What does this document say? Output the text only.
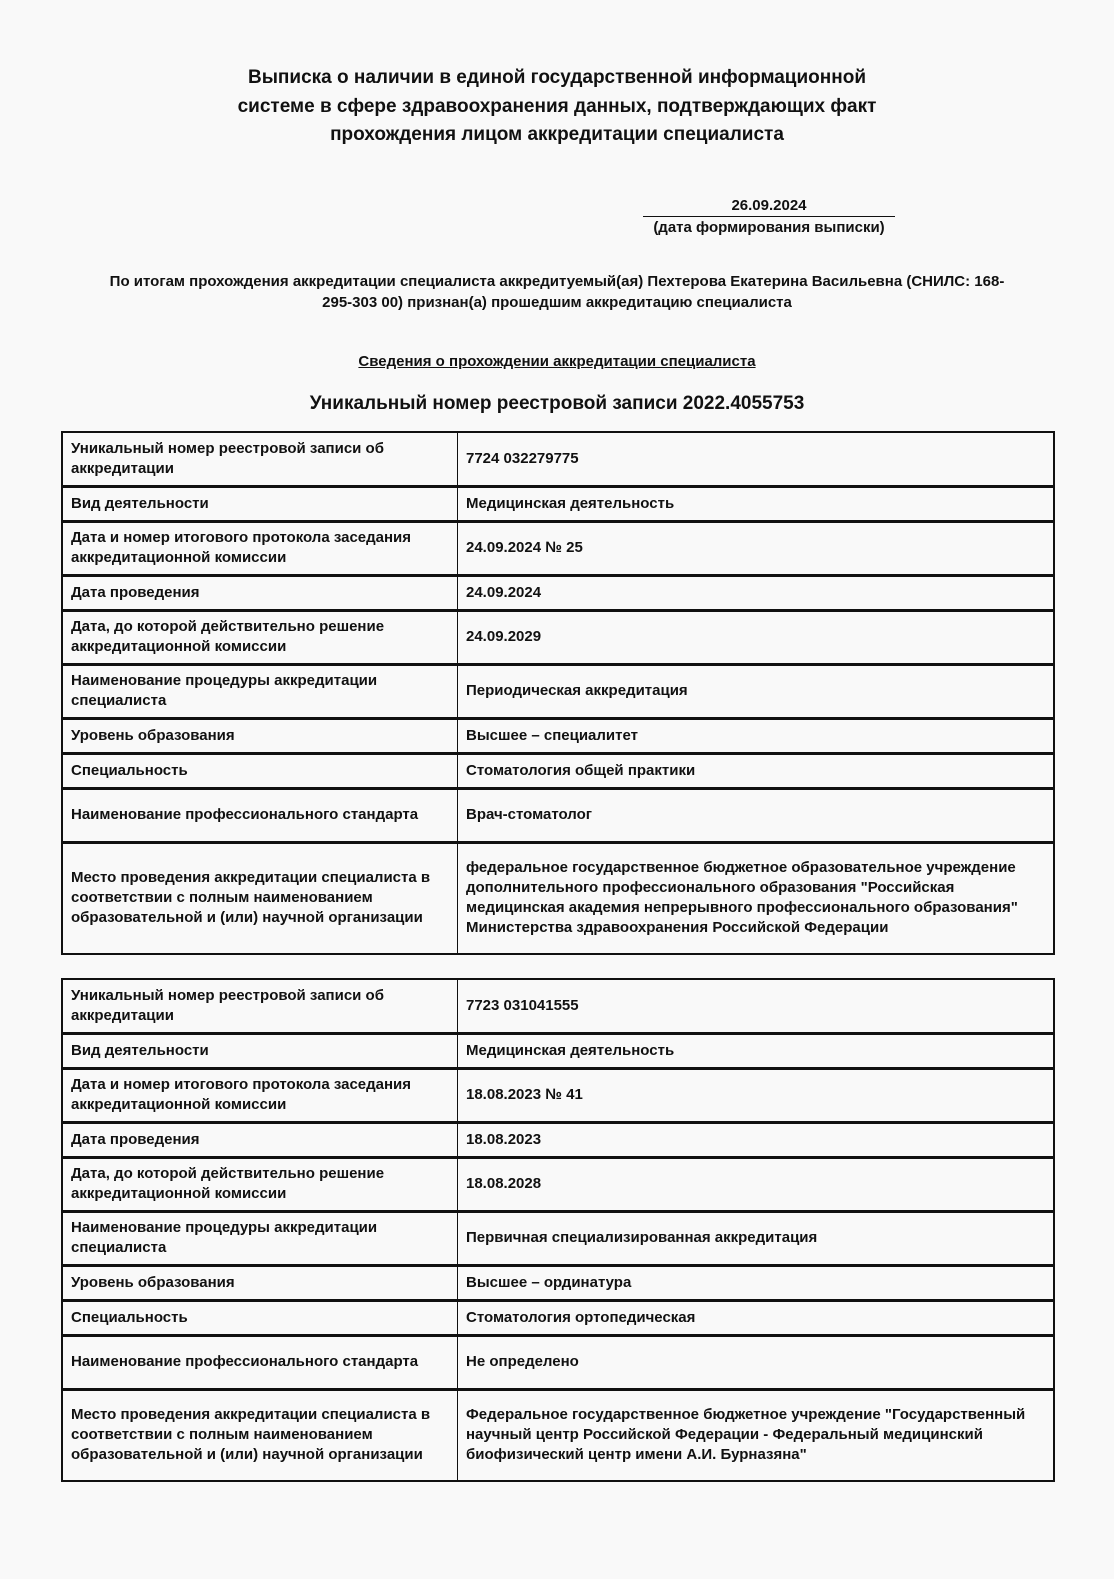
Выписка о наличии в единой государственной информационной
системе в сфере здравоохранения данных, подтверждающих факт
прохождения лицом аккредитации специалиста
26.09.2024
(дата формирования выписки)
По итогам прохождения аккредитации специалиста аккредитуемый(ая) Пехтерова Екатерина Васильевна (СНИЛС: 168-
295-303 00) признан(а) прошедшим аккредитацию специалиста
Сведения о прохождении аккредитации специалиста
Уникальный номер реестровой записи 2022.4055753
Уникальный номер реестровой записи об аккредитации	7724 032279775
Вид деятельности	Медицинская деятельность
Дата и номер итогового протокола заседания аккредитационной комиссии	24.09.2024 № 25
Дата проведения	24.09.2024
Дата, до которой действительно решение аккредитационной комиссии	24.09.2029
Наименование процедуры аккредитации специалиста	Периодическая аккредитация
Уровень образования	Высшее – специалитет
Специальность	Стоматология общей практики
Наименование профессионального стандарта	Врач-стоматолог
Место проведения аккредитации специалиста в соответствии с полным наименованием образовательной и (или) научной организации	федеральное государственное бюджетное образовательное учреждение дополнительного профессионального образования "Российская медицинская академия непрерывного профессионального образования" Министерства здравоохранения Российской Федерации
Уникальный номер реестровой записи об аккредитации	7723 031041555
Вид деятельности	Медицинская деятельность
Дата и номер итогового протокола заседания аккредитационной комиссии	18.08.2023 № 41
Дата проведения	18.08.2023
Дата, до которой действительно решение аккредитационной комиссии	18.08.2028
Наименование процедуры аккредитации специалиста	Первичная специализированная аккредитация
Уровень образования	Высшее – ординатура
Специальность	Стоматология ортопедическая
Наименование профессионального стандарта	Не определено
Место проведения аккредитации специалиста в соответствии с полным наименованием образовательной и (или) научной организации	Федеральное государственное бюджетное учреждение "Государственный научный центр Российской Федерации - Федеральный медицинский биофизический центр имени А.И. Бурназяна"
